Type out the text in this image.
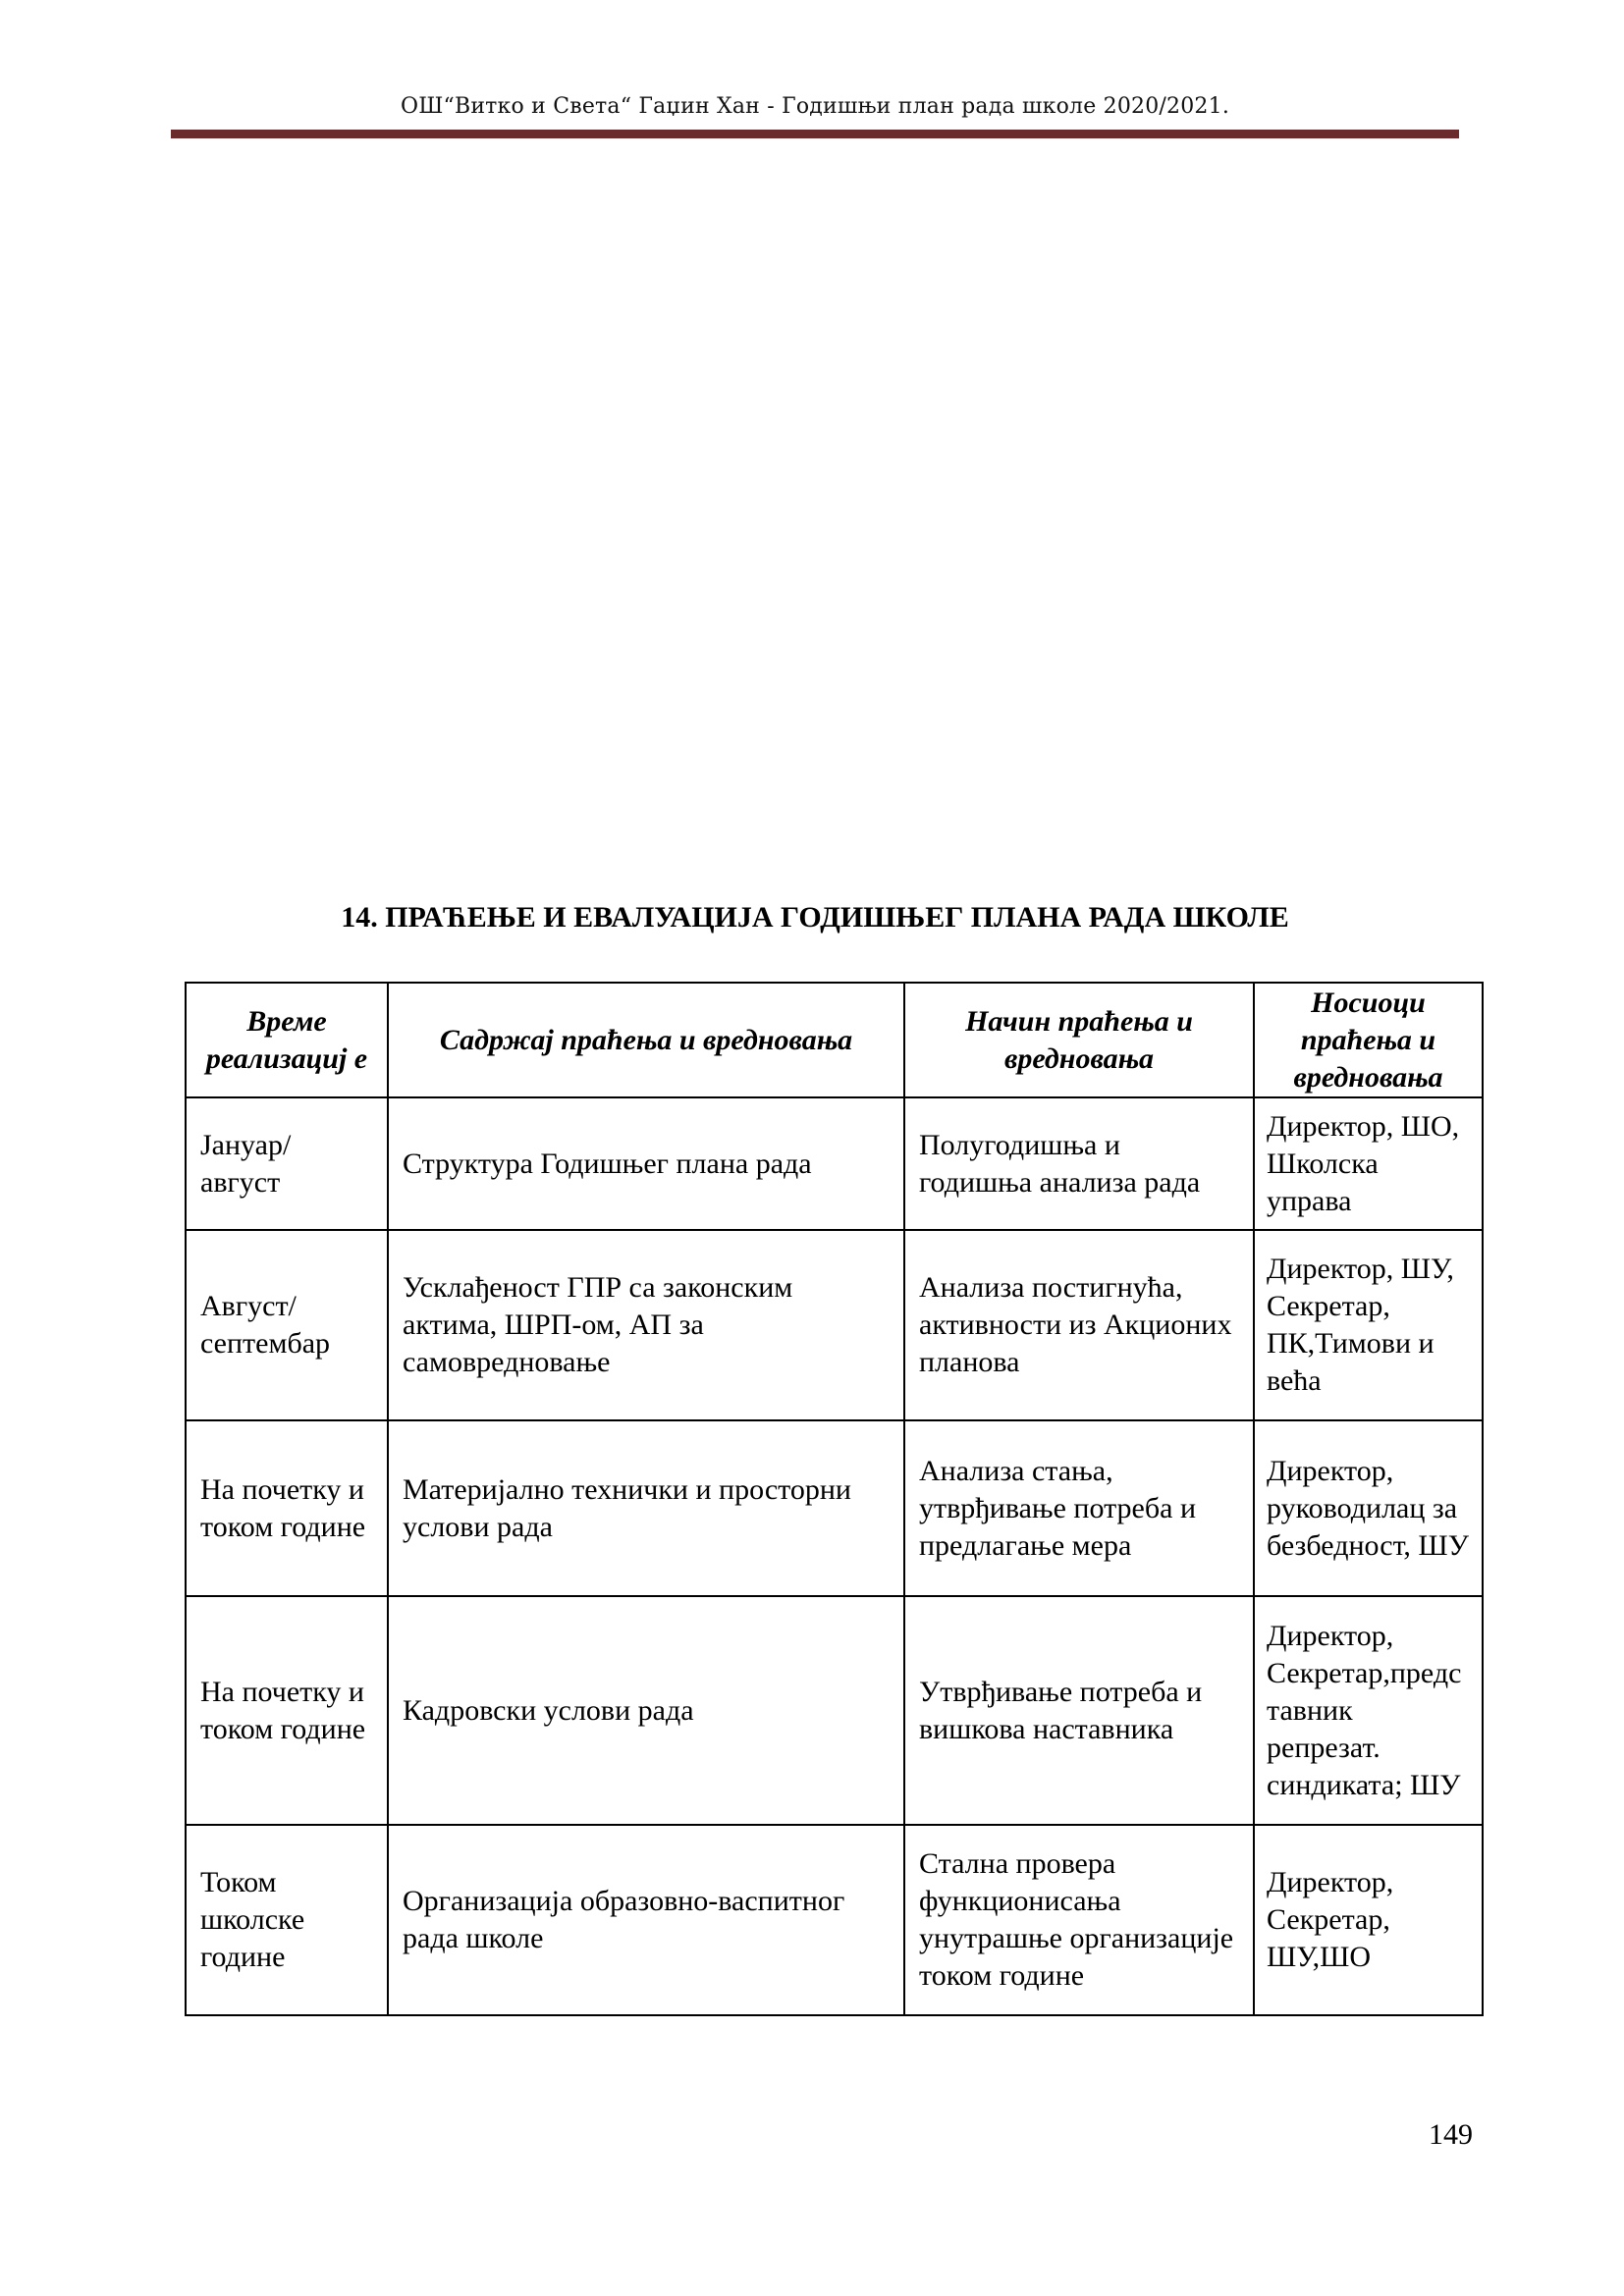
ОШ“Витко и Света“ Гаџин Хан - Годишњи план рада школе 2020/2021.
14. ПРАЋЕЊЕ И ЕВАЛУАЦИЈА ГОДИШЊЕГ ПЛАНА РАДА ШКОЛЕ
Време реализациј е	Садржај праћења и вредновања	Начин праћења и вредновања	Носиоци праћења и вредновања
Јануар/ август	Структура Годишњег плана рада	Полугодишња и годишња анализа рада	Директор, ШО, Школска управа
Август/ септембар	Усклађеност ГПР са законским актима, ШРП-ом, АП за самовредновање	Анализа постигнућа, активности из Акционих планова	Директор, ШУ, Секретар, ПК,Тимови и већа
На почетку и током године	Материјално технички и просторни услови рада	Анализа стања, утврђивање потреба и предлагање мера	Директор, руководилац за безбедност, ШУ
На почетку и током године	Кадровски услови рада	Утврђивање потреба и вишкова наставника	Директор, Секретар,представник репрезат. синдиката; ШУ
Током школске године	Организација образовно-васпитног рада школе	Стална провера функционисања унутрашње организације током године	Директор, Секретар, ШУ,ШО
149
